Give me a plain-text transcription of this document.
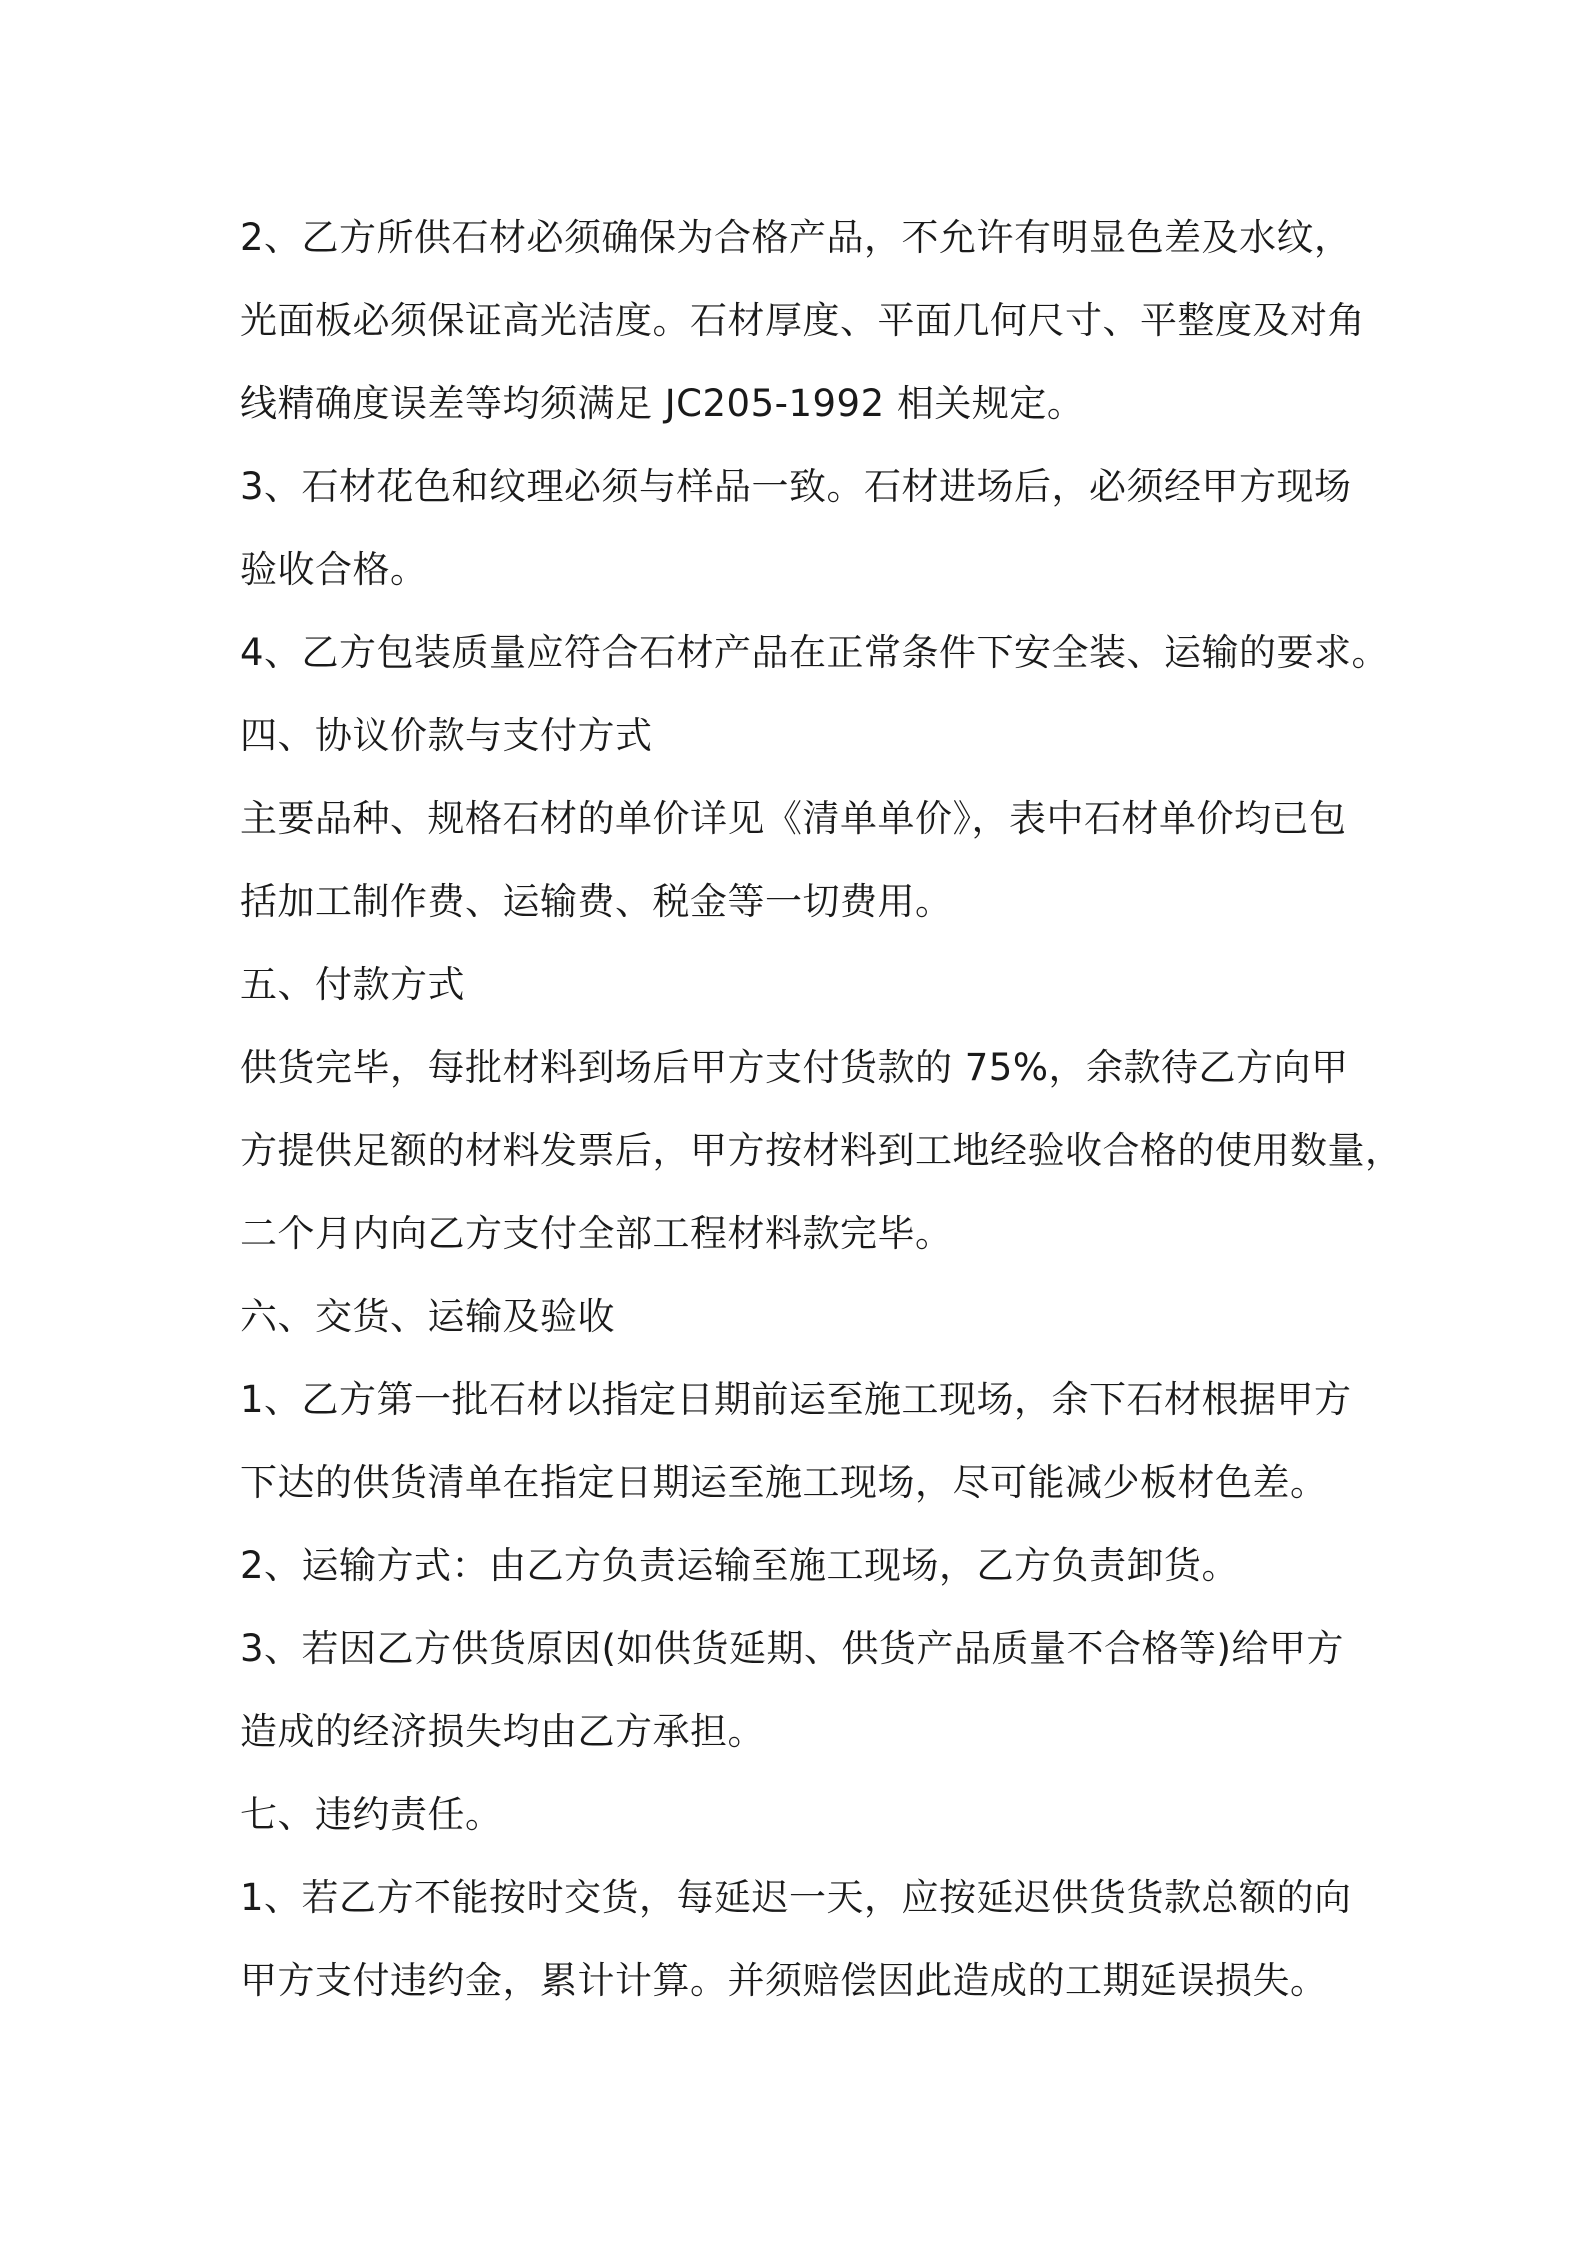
2、乙方所供石材必须确保为合格产品，不允许有明显色差及水纹，
光面板必须保证高光洁度。石材厚度、平面几何尺寸、平整度及对角
线精确度误差等均须满足 JC205-1992 相关规定。
3、石材花色和纹理必须与样品一致。石材进场后，必须经甲方现场
验收合格。
4、乙方包装质量应符合石材产品在正常条件下安全装、运输的要求。
四、协议价款与支付方式
主要品种、规格石材的单价详见《清单单价》，表中石材单价均已包
括加工制作费、运输费、税金等一切费用。
五、付款方式
供货完毕，每批材料到场后甲方支付货款的 75%，余款待乙方向甲
方提供足额的材料发票后，甲方按材料到工地经验收合格的使用数量，
二个月内向乙方支付全部工程材料款完毕。
六、交货、运输及验收
1、乙方第一批石材以指定日期前运至施工现场，余下石材根据甲方
下达的供货清单在指定日期运至施工现场，尽可能减少板材色差。
2、运输方式：由乙方负责运输至施工现场，乙方负责卸货。
3、若因乙方供货原因(如供货延期、供货产品质量不合格等)给甲方
造成的经济损失均由乙方承担。
七、违约责任。
1、若乙方不能按时交货，每延迟一天，应按延迟供货货款总额的向
甲方支付违约金，累计计算。并须赔偿因此造成的工期延误损失。
